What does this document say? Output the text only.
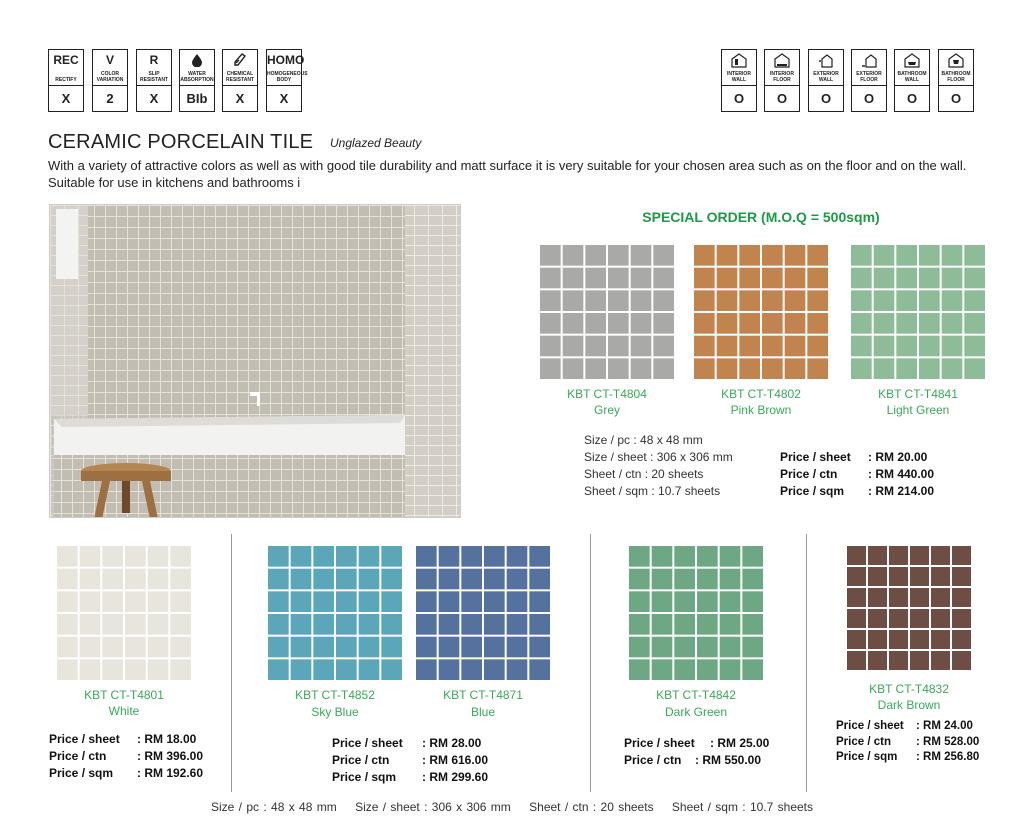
REC
RECTIFY
X
V
COLOR VARIATION
2
R
SLIP RESISTANT
X
WATER ABSORPTION
BIb
CHEMICAL RESISTANT
X
HOMO
HOMOGENEOUS BODY
X
INTERIOR WALL
O
INTERIOR FLOOR
O
EXTERIOR WALL
O
EXTERIOR FLOOR
O
BATHROOM WALL
O
BATHROOM FLOOR
O
CERAMIC PORCELAIN TILE Unglazed Beauty
With a variety of attractive colors as well as with good tile durability and matt surface it is very suitable for your chosen area such as on the floor and on the wall. Suitable for use in kitchens and bathrooms i
SPECIAL ORDER (M.O.Q = 500sqm)
KBT CT-T4804
Grey
KBT CT-T4802
Pink Brown
KBT CT-T4841
Light Green
Size / pc : 48 x 48 mm
Size / sheet : 306 x 306 mm
Sheet / ctn : 20 sheets
Sheet / sqm : 10.7 sheets
Price / sheet	: RM 20.00
Price / ctn	: RM 440.00
Price / sqm	: RM 214.00
KBT CT-T4801
White
Price / sheet	: RM 18.00
Price / ctn	: RM 396.00
Price / sqm	: RM 192.60
KBT CT-T4852
Sky Blue
KBT CT-T4871
Blue
Price / sheet	: RM 28.00
Price / ctn	: RM 616.00
Price / sqm	: RM 299.60
KBT CT-T4842
Dark Green
Price / sheet	: RM 25.00
Price / ctn	: RM 550.00
KBT CT-T4832
Dark Brown
Price / sheet	: RM 24.00
Price / ctn	: RM 528.00
Price / sqm	: RM 256.80
Size / pc : 48 x 48 mm Size / sheet : 306 x 306 mm Sheet / ctn : 20 sheets Sheet / sqm : 10.7 sheets
